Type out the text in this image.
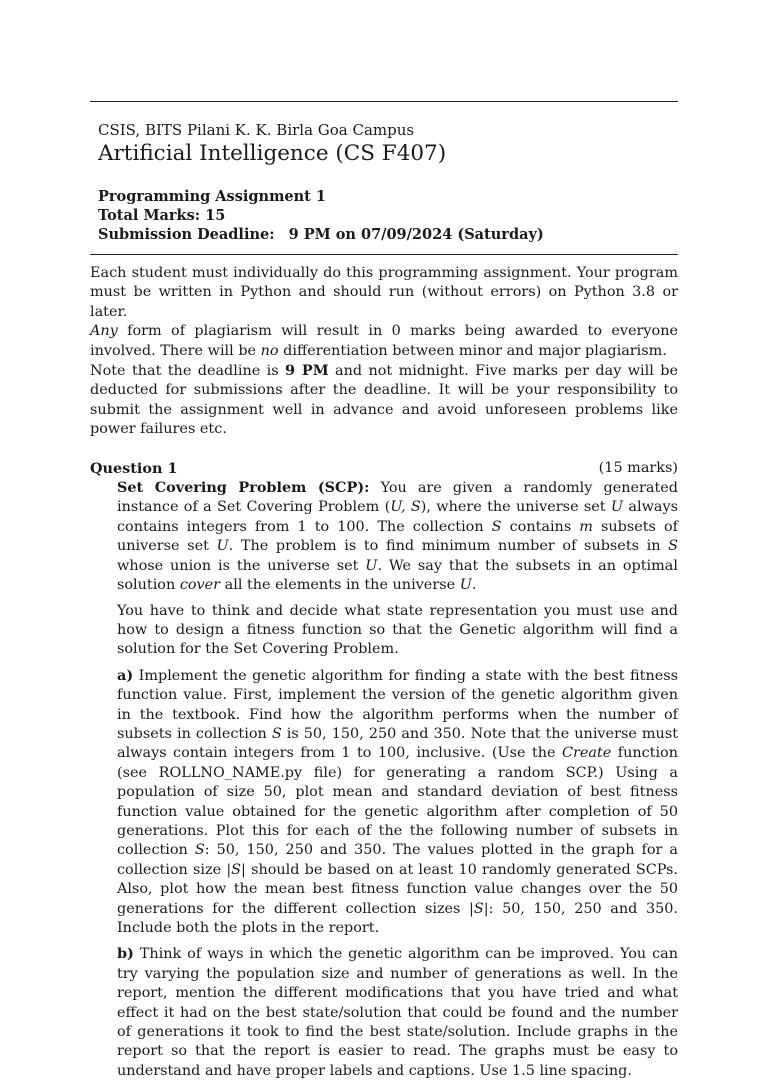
CSIS, BITS Pilani K. K. Birla Goa Campus
Artificial Intelligence (CS F407)
Programming Assignment 1
Total Marks: 15
Submission Deadline: 9 PM on 07/09/2024 (Saturday)

Each student must individually do this programming assignment. Your program must be written in Python and should run (without errors) on Python 3.8 or later.

Any form of plagiarism will result in 0 marks being awarded to everyone involved. There will be no differentiation between minor and major plagiarism.

Note that the deadline is 9 PM and not midnight. Five marks per day will be deducted for submissions after the deadline. It will be your responsibility to submit the assignment well in advance and avoid unforeseen problems like power failures etc.

Question 1	(15 marks)

Set Covering Problem (SCP): You are given a randomly generated instance of a Set Covering Problem (U, S), where the universe set U always contains integers from 1 to 100. The collection S contains m subsets of universe set U. The problem is to find minimum number of subsets in S whose union is the universe set U. We say that the subsets in an optimal solution cover all the elements in the universe U.

You have to think and decide what state representation you must use and how to design a fitness function so that the Genetic algorithm will find a solution for the Set Covering Problem.

a) Implement the genetic algorithm for finding a state with the best fitness function value. First, implement the version of the genetic algorithm given in the textbook. Find how the algorithm performs when the number of subsets in collection S is 50, 150, 250 and 350. Note that the universe must always contain integers from 1 to 100, inclusive. (Use the Create function (see ROLLNO_NAME.py file) for generating a random SCP.) Using a population of size 50, plot mean and standard deviation of best fitness function value obtained for the genetic algorithm after completion of 50 generations. Plot this for each of the the following number of subsets in collection S: 50, 150, 250 and 350. The values plotted in the graph for a collection size |S| should be based on at least 10 randomly generated SCPs. Also, plot how the mean best fitness function value changes over the 50 generations for the different collection sizes |S|: 50, 150, 250 and 350. Include both the plots in the report.

b) Think of ways in which the genetic algorithm can be improved. You can try varying the population size and number of generations as well. In the report, mention the different modifications that you have tried and what effect it had on the best state/solution that could be found and the number of generations it took to find the best state/solution. Include graphs in the report so that the report is easier to read. The graphs must be easy to understand and have proper labels and captions. Use 1.5 line spacing.
